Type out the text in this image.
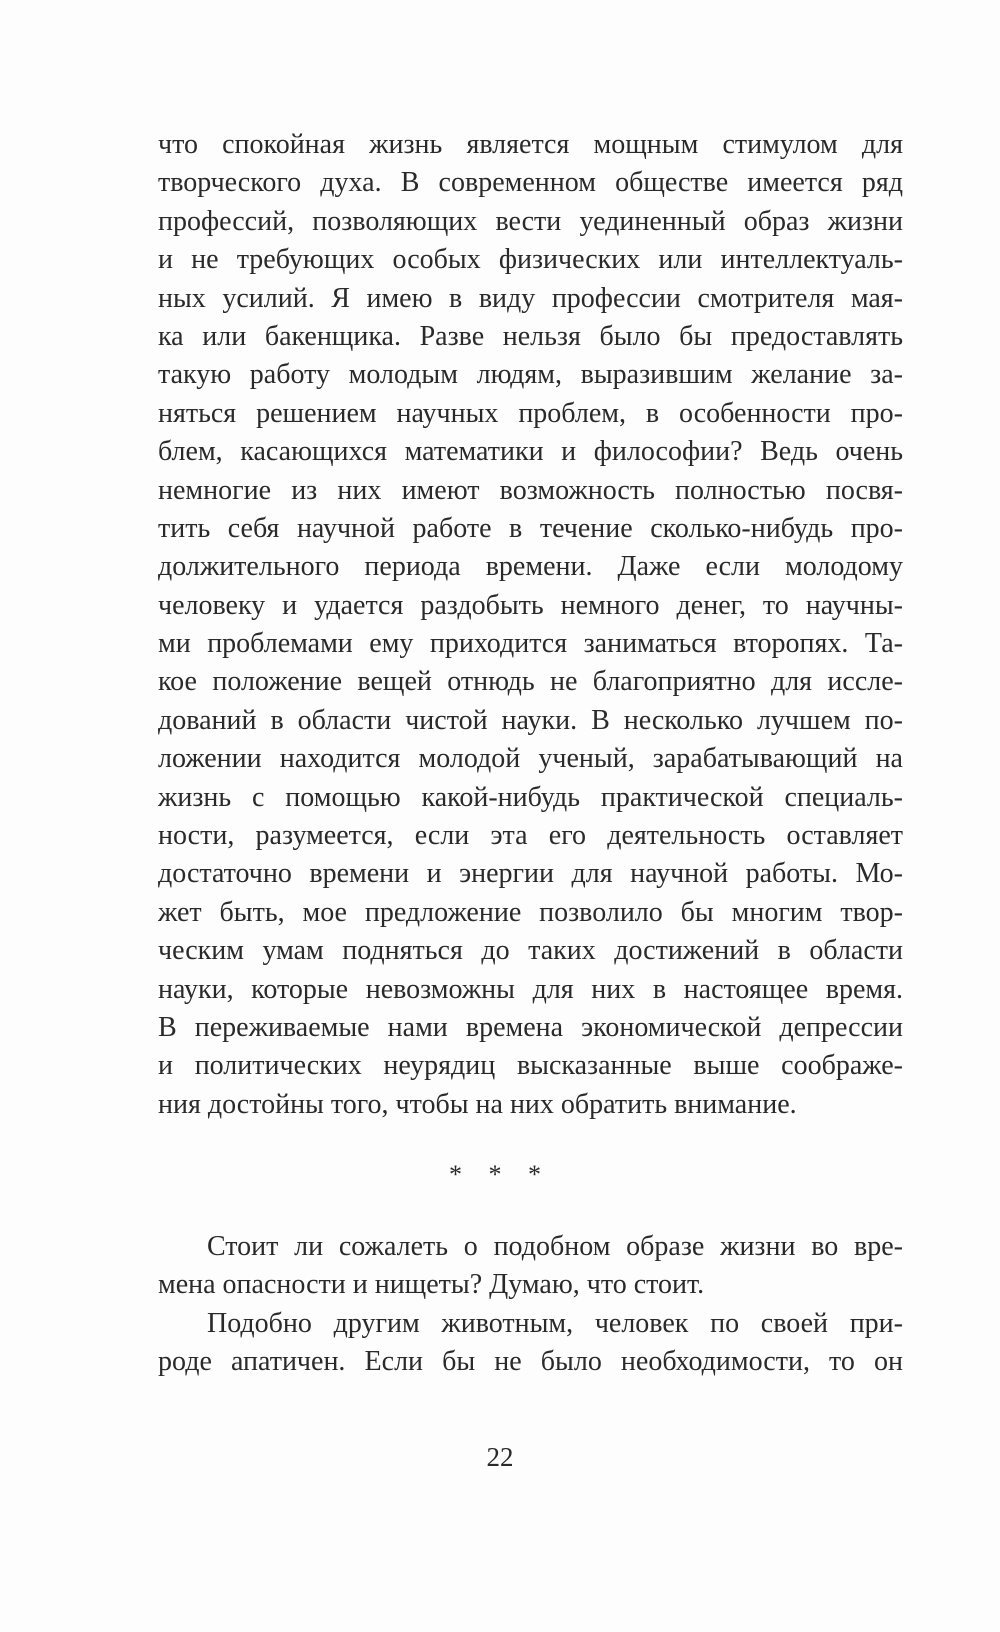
что спокойная жизнь является мощным стимулом для
творческого духа. В современном обществе имеется ряд
профессий, позволяющих вести уединенный образ жизни
и не требующих особых физических или интеллектуаль-
ных усилий. Я имею в виду профессии смотрителя мая-
ка или бакенщика. Разве нельзя было бы предоставлять
такую работу молодым людям, выразившим желание за-
няться решением научных проблем, в особенности про-
блем, касающихся математики и философии? Ведь очень
немногие из них имеют возможность полностью посвя-
тить себя научной работе в течение сколько-нибудь про-
должительного периода времени. Даже если молодому
человеку и удается раздобыть немного денег, то научны-
ми проблемами ему приходится заниматься второпях. Та-
кое положение вещей отнюдь не благоприятно для иссле-
дований в области чистой науки. В несколько лучшем по-
ложении находится молодой ученый, зарабатывающий на
жизнь с помощью какой-нибудь практической специаль-
ности, разумеется, если эта его деятельность оставляет
достаточно времени и энергии для научной работы. Мо-
жет быть, мое предложение позволило бы многим твор-
ческим умам подняться до таких достижений в области
науки, которые невозможны для них в настоящее время.
В переживаемые нами времена экономической депрессии
и политических неурядиц высказанные выше соображе-
ния достойны того, чтобы на них обратить внимание.
* * *
Стоит ли сожалеть о подобном образе жизни во вре-
мена опасности и нищеты? Думаю, что стоит.
Подобно другим животным, человек по своей при-
роде апатичен. Если бы не было необходимости, то он
22
